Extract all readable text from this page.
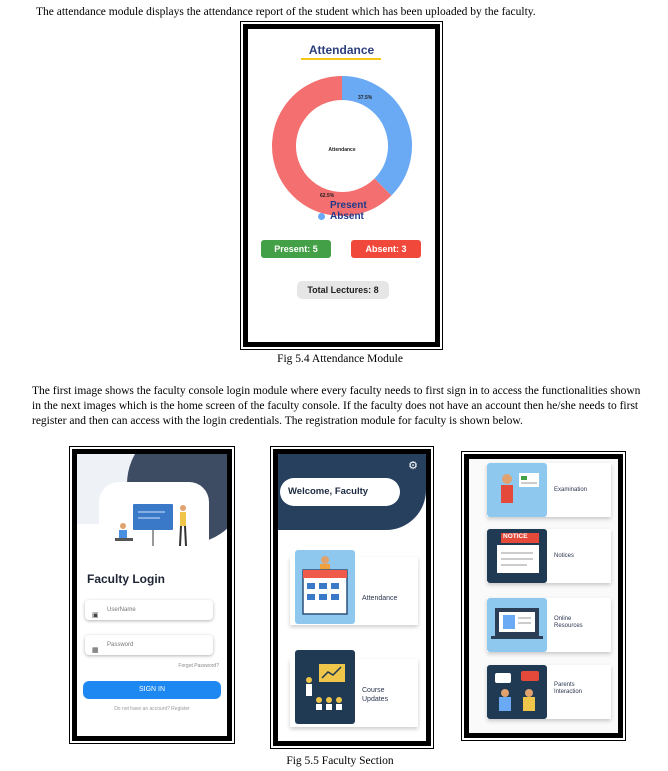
The attendance module displays the attendance report of the student which has been uploaded by the faculty.

Attendance
Attendance
37.5%
62.5%
Present
Absent
Present: 5	Absent: 3
Total Lectures: 8
Fig 5.4 Attendance Module

The first image shows the faculty console login module where every faculty needs to first sign in to access the functionalities shown

in the next images which is the home screen of the faculty console. If the faculty does not have an account then he/she needs to first

register and then can access with the login credentials. The registration module for faculty is shown below.

Faculty Login
▣
UserName
▦
Password
Forgot Password?
SIGN IN
Do not have an account? Register
⚙
Welcome, Faculty
Attendance
Course
Updates
Examination
NOTICE
Notices
Online
Resources
Parents
Interaction
Fig 5.5 Faculty Section
